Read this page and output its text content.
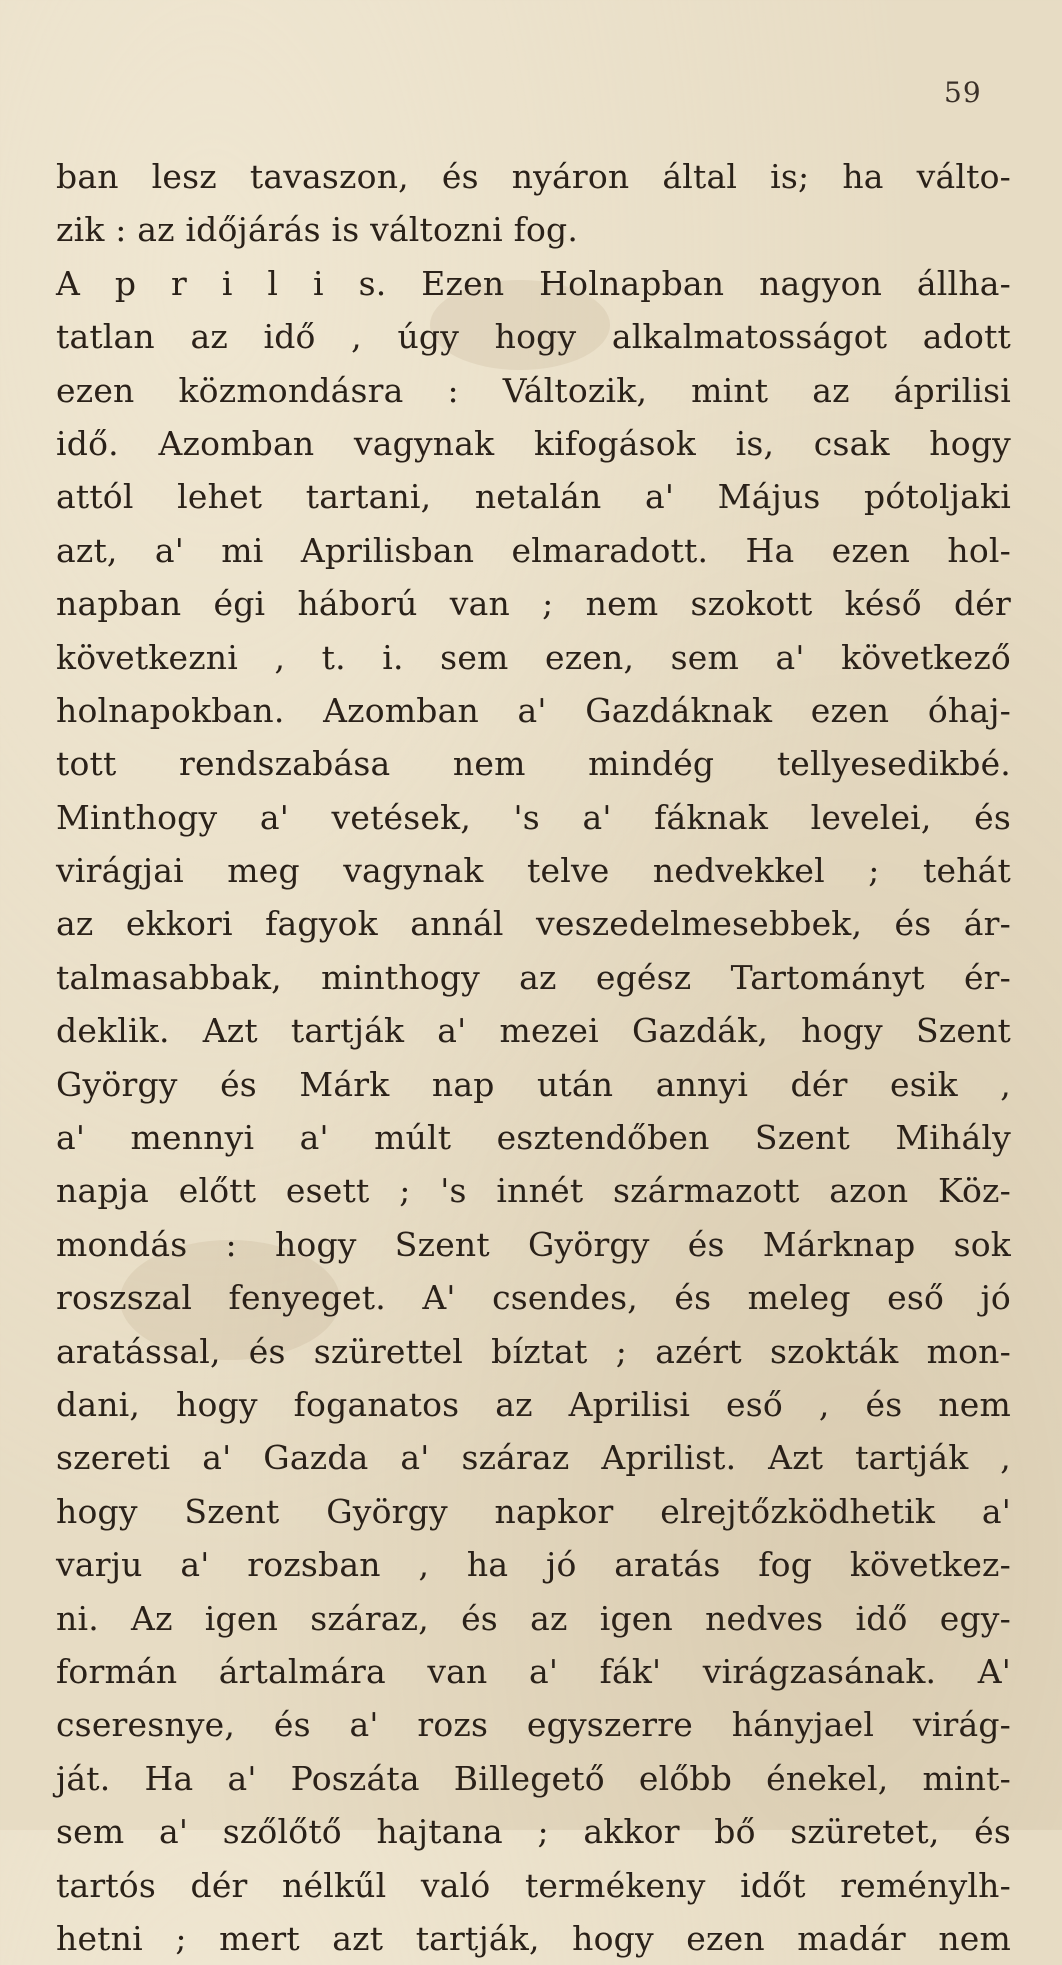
59
ban lesz tavaszon, és nyáron által is; ha válto-
zik : az időjárás is változni fog.
A p r i l i s. Ezen Holnapban nagyon állha-
tatlan az idő , úgy hogy alkalmatosságot adott
ezen közmondásra : Változik, mint az áprilisi
idő. Azomban vagynak kifogások is, csak hogy
attól lehet tartani, netalán a' Május pótoljaki
azt, a' mi Aprilisban elmaradott. Ha ezen hol-
napban égi háború van ; nem szokott késő dér
következni , t. i. sem ezen, sem a' következő
holnapokban. Azomban a' Gazdáknak ezen óhaj-
tott rendszabása nem mindég tellyesedikbé.
Minthogy a' vetések, 's a' fáknak levelei, és
virágjai meg vagynak telve nedvekkel ; tehát
az ekkori fagyok annál veszedelmesebbek, és ár-
talmasabbak, minthogy az egész Tartományt ér-
deklik. Azt tartják a' mezei Gazdák, hogy Szent
György és Márk nap után annyi dér esik ,
a' mennyi a' múlt esztendőben Szent Mihály
napja előtt esett ; 's innét származott azon Köz-
mondás : hogy Szent György és Márknap sok
roszszal fenyeget. A' csendes, és meleg eső jó
aratással, és szürettel bíztat ; azért szokták mon-
dani, hogy foganatos az Aprilisi eső , és nem
szereti a' Gazda a' száraz Aprilist. Azt tartják ,
hogy Szent György napkor elrejtőzködhetik a'
varju a' rozsban , ha jó aratás fog következ-
ni. Az igen száraz, és az igen nedves idő egy-
formán ártalmára van a' fák' virágzasának. A'
cseresnye, és a' rozs egyszerre hányjael virág-
ját. Ha a' Poszáta Billegető előbb énekel, mint-
sem a' szőlőtő hajtana ; akkor bő szüretet, és
tartós dér nélkűl való termékeny időt reménylh-
hetni ; mert azt tartják, hogy ezen madár nem
